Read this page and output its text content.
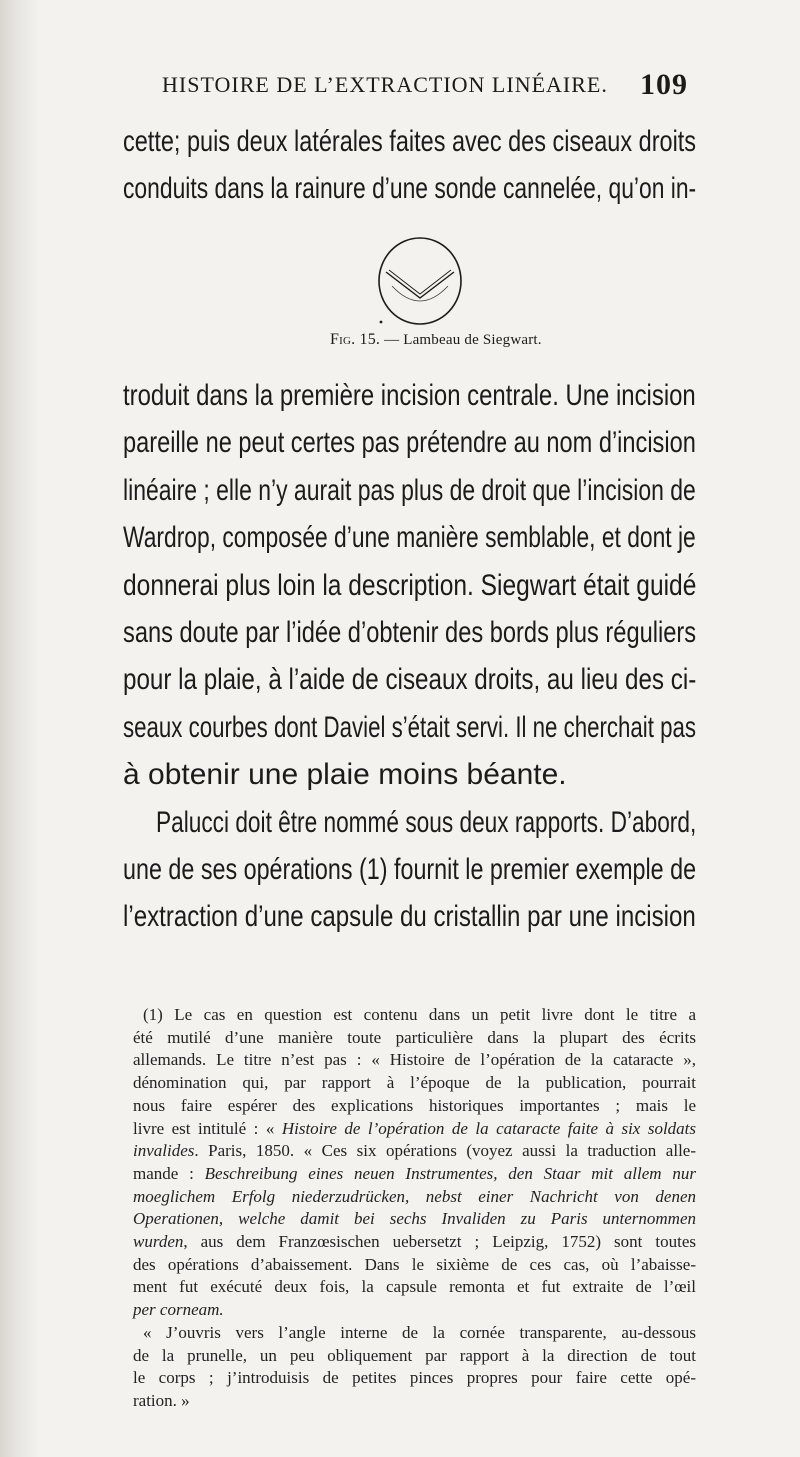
HISTOIRE DE L’EXTRACTION LINÉAIRE. 109
cette; puis deux latérales faites avec des ciseaux droits
conduits dans la rainure d’une sonde cannelée, qu’on in-
Fig. 15. — Lambeau de Siegwart.
troduit dans la première incision centrale. Une incision
pareille ne peut certes pas prétendre au nom d’incision
linéaire ; elle n’y aurait pas plus de droit que l’incision de
Wardrop, composée d’une manière semblable, et dont je
donnerai plus loin la description. Siegwart était guidé
sans doute par l’idée d’obtenir des bords plus réguliers
pour la plaie, à l’aide de ciseaux droits, au lieu des ci-
seaux courbes dont Daviel s’était servi. Il ne cherchait pas
à obtenir une plaie moins béante.
Palucci doit être nommé sous deux rapports. D’abord,
une de ses opérations (1) fournit le premier exemple de
l’extraction d’une capsule du cristallin par une incision
(1) Le cas en question est contenu dans un petit livre dont le titre a
été mutilé d’une manière toute particulière dans la plupart des écrits
allemands. Le titre n’est pas : « Histoire de l’opération de la cataracte »,
dénomination qui, par rapport à l’époque de la publication, pourrait
nous faire espérer des explications historiques importantes ; mais le
livre est intitulé : « Histoire de l’opération de la cataracte faite à six soldats
invalides. Paris, 1850. « Ces six opérations (voyez aussi la traduction alle-
mande : Beschreibung eines neuen Instrumentes, den Staar mit allem nur
moeglichem Erfolg niederzudrücken, nebst einer Nachricht von denen
Operationen, welche damit bei sechs Invaliden zu Paris unternommen
wurden, aus dem Franzœsischen uebersetzt ; Leipzig, 1752) sont toutes
des opérations d’abaissement. Dans le sixième de ces cas, où l’abaisse-
ment fut exécuté deux fois, la capsule remonta et fut extraite de l’œil
per corneam.
« J’ouvris vers l’angle interne de la cornée transparente, au-dessous
de la prunelle, un peu obliquement par rapport à la direction de tout
le corps ; j’introduisis de petites pinces propres pour faire cette opé-
ration. »
